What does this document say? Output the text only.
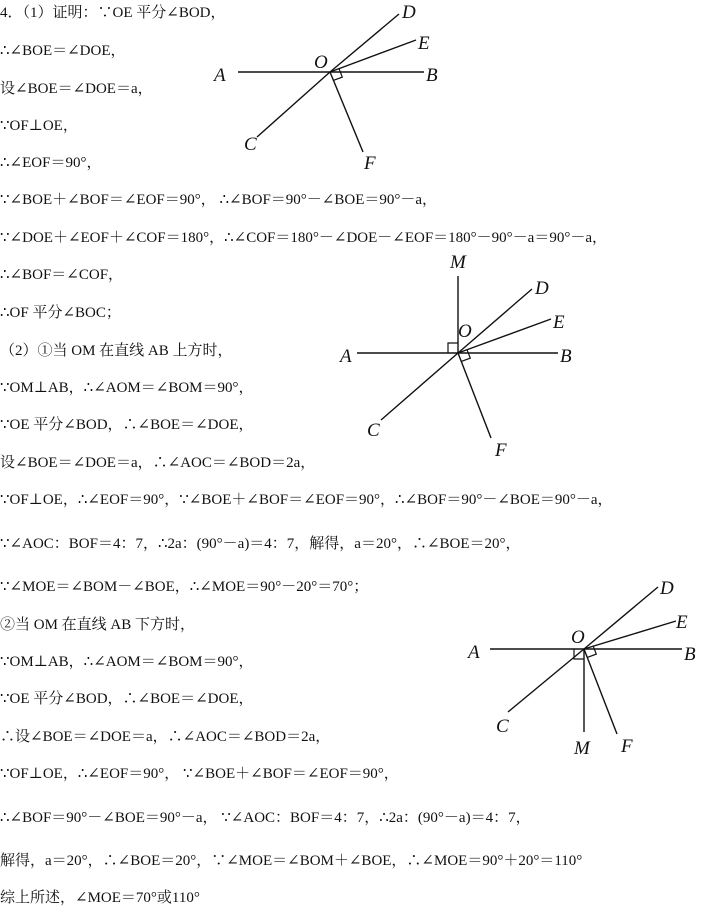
4．（1）证明：∵OE 平分∠BOD，
∴∠BOE＝∠DOE，
设∠BOE＝∠DOE＝a，
∵OF⊥OE，
∴∠EOF＝90°，
∵∠BOE＋∠BOF＝∠EOF＝90°， ∴∠BOF＝90°－∠BOE＝90°－a，
∵∠DOE＋∠EOF＋∠COF＝180°，∴∠COF＝180°－∠DOE－∠EOF＝180°－90°－a＝90°－a，
∴∠BOF＝∠COF，
∴OF 平分∠BOC；
（2）①当 OM 在直线 AB 上方时，
∵OM⊥AB，∴∠AOM＝∠BOM＝90°，
∵OE 平分∠BOD，∴∠BOE＝∠DOE，
设∠BOE＝∠DOE＝a，∴∠AOC＝∠BOD＝2a，
∵OF⊥OE，∴∠EOF＝90°，∵∠BOE＋∠BOF＝∠EOF＝90°，∴∠BOF＝90°－∠BOE＝90°－a，
∵∠AOC：BOF＝4：7，∴2a：(90°－a)＝4：7，解得，a＝20°，∴∠BOE＝20°，
∵∠MOE＝∠BOM－∠BOE，∴∠MOE＝90°－20°＝70°；
②当 OM 在直线 AB 下方时，
∵OM⊥AB，∴∠AOM＝∠BOM＝90°，
∵OE 平分∠BOD，∴∠BOE＝∠DOE，
∴设∠BOE＝∠DOE＝a，∴∠AOC＝∠BOD＝2a，
∵OF⊥OE，∴∠EOF＝90°， ∵∠BOE＋∠BOF＝∠EOF＝90°，
∴∠BOF＝90°－∠BOE＝90°－a， ∵∠AOC：BOF＝4：7，∴2a：(90°－a)＝4：7，
解得，a＝20°，∴∠BOE＝20°，∵∠MOE＝∠BOM＋∠BOE，∴∠MOE＝90°＋20°＝110°
综上所述，∠MOE＝70°或110°
A	B
O
D
E
C
F
M
A	B
O
D
E
C
F
A	B
O
D
E
C
M F
